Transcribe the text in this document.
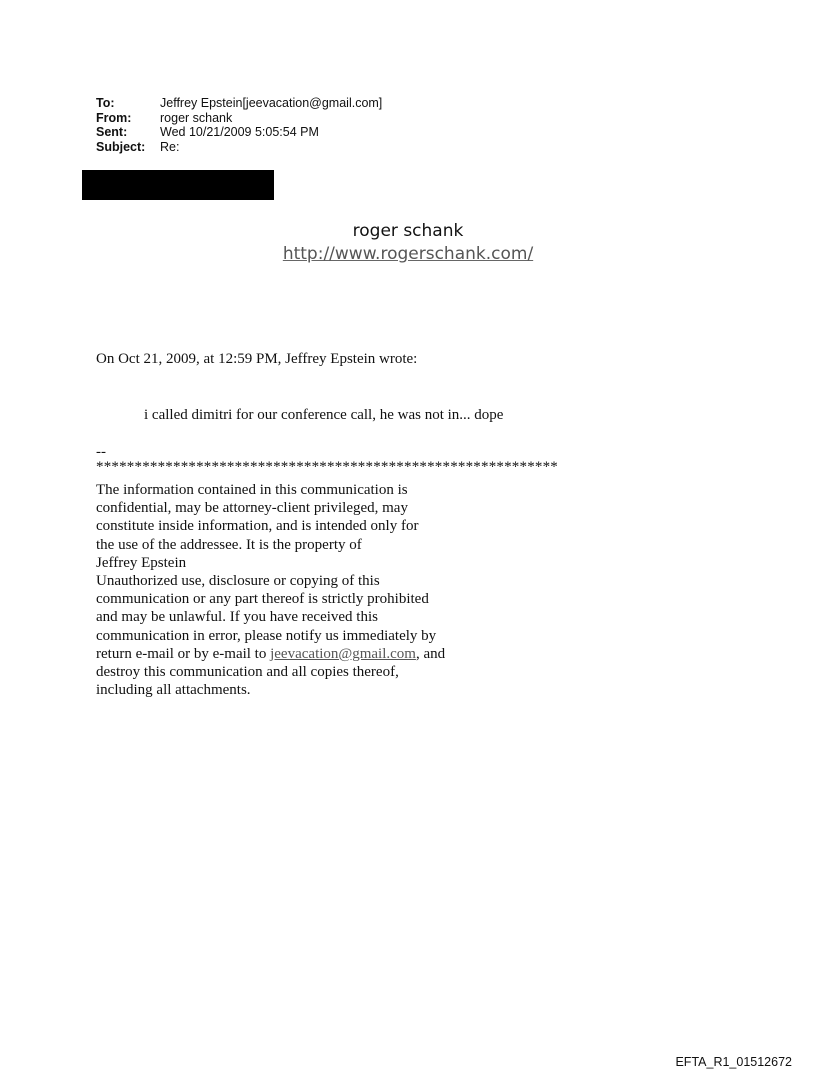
To:	Jeffrey Epstein[jeevacation@gmail.com]
From:	roger schank
Sent:	Wed 10/21/2009 5:05:54 PM
Subject:	Re:
roger schank
http://www.rogerschank.com/
On Oct 21, 2009, at 12:59 PM, Jeffrey Epstein wrote:
i called dimitri for our conference call, he was not in... dope
--
************************************************************
The information contained in this communication is
confidential, may be attorney-client privileged, may
constitute inside information, and is intended only for
the use of the addressee. It is the property of
Jeffrey Epstein
Unauthorized use, disclosure or copying of this
communication or any part thereof is strictly prohibited
and may be unlawful. If you have received this
communication in error, please notify us immediately by
return e-mail or by e-mail to jeevacation@gmail.com, and
destroy this communication and all copies thereof,
including all attachments.
EFTA_R1_01512672
